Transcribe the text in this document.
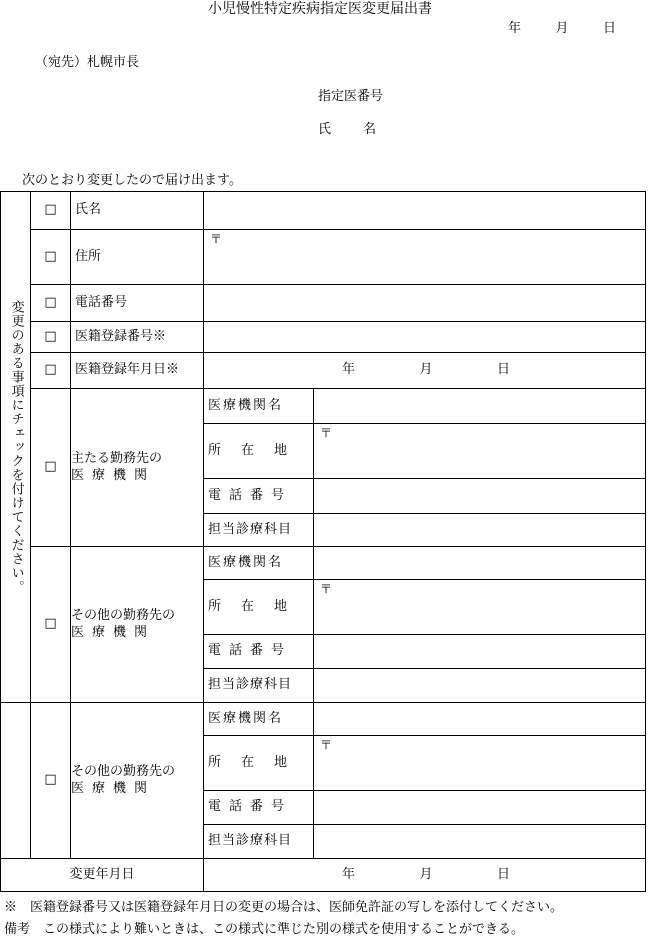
小児慢性特定疾病指定医変更届出書
年	月	日
（宛先）札幌市長
指定医番号
氏　　名
次のとおり変更したので届け出ます。
変更のある事項にチェックを付けてください。	□	氏名		

	□	住所	〒	

	□	電話番号		

	□	医籍登録番号※		

	□	医籍登録年月日※	年 月 日	

	□	主たる勤務先の
医療機関	医療機関名	

			所在地	〒

			電話番号	

			担当診療科目	

	□	その他の勤務先の
医療機関	医療機関名	

			所在地	〒

			電話番号	

			担当診療科目	

	□	その他の勤務先の
医療機関	医療機関名	

			所在地	〒

			電話番号	

			担当診療科目	

変更年月日			年 月 日	
※　医籍登録番号又は医籍登録年月日の変更の場合は、医師免許証の写しを添付してください。
備考　この様式により難いときは、この様式に準じた別の様式を使用することができる。
